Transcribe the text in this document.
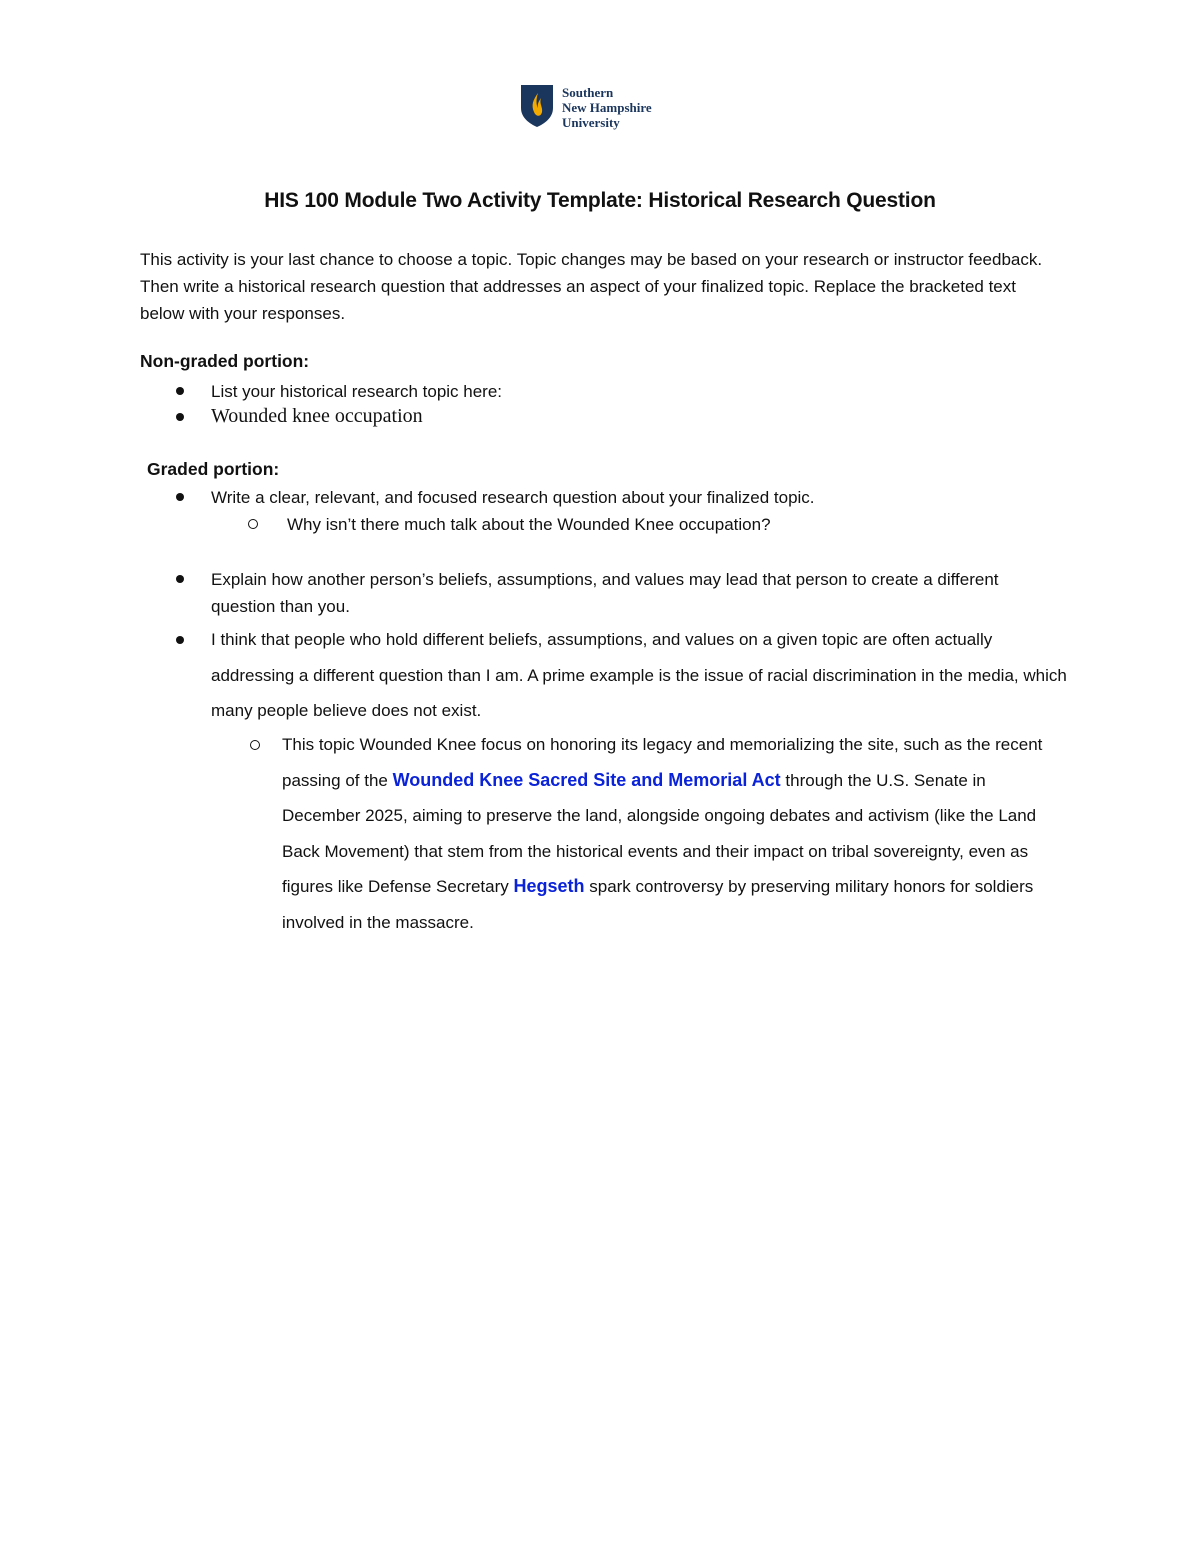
Southern
New Hampshire
University
HIS 100 Module Two Activity Template: Historical Research Question
This activity is your last chance to choose a topic. Topic changes may be based on your research or instructor feedback. Then write a historical research question that addresses an aspect of your finalized topic. Replace the bracketed text below with your responses.
Non-graded portion:
List your historical research topic here:
Wounded knee occupation
Graded portion:
Write a clear, relevant, and focused research question about your finalized topic.
Why isn’t there much talk about the Wounded Knee occupation?
Explain how another person’s beliefs, assumptions, and values may lead that person to create a different question than you.
I think that people who hold different beliefs, assumptions, and values on a given topic are often actually addressing a different question than I am. A prime example is the issue of racial discrimination in the media, which many people believe does not exist.
This topic Wounded Knee focus on honoring its legacy and memorializing the site, such as the recent passing of the Wounded Knee Sacred Site and Memorial Act through the U.S. Senate in December 2025, aiming to preserve the land, alongside ongoing debates and activism (like the Land Back Movement) that stem from the historical events and their impact on tribal sovereignty, even as figures like Defense Secretary Hegseth spark controversy by preserving military honors for soldiers involved in the massacre.
